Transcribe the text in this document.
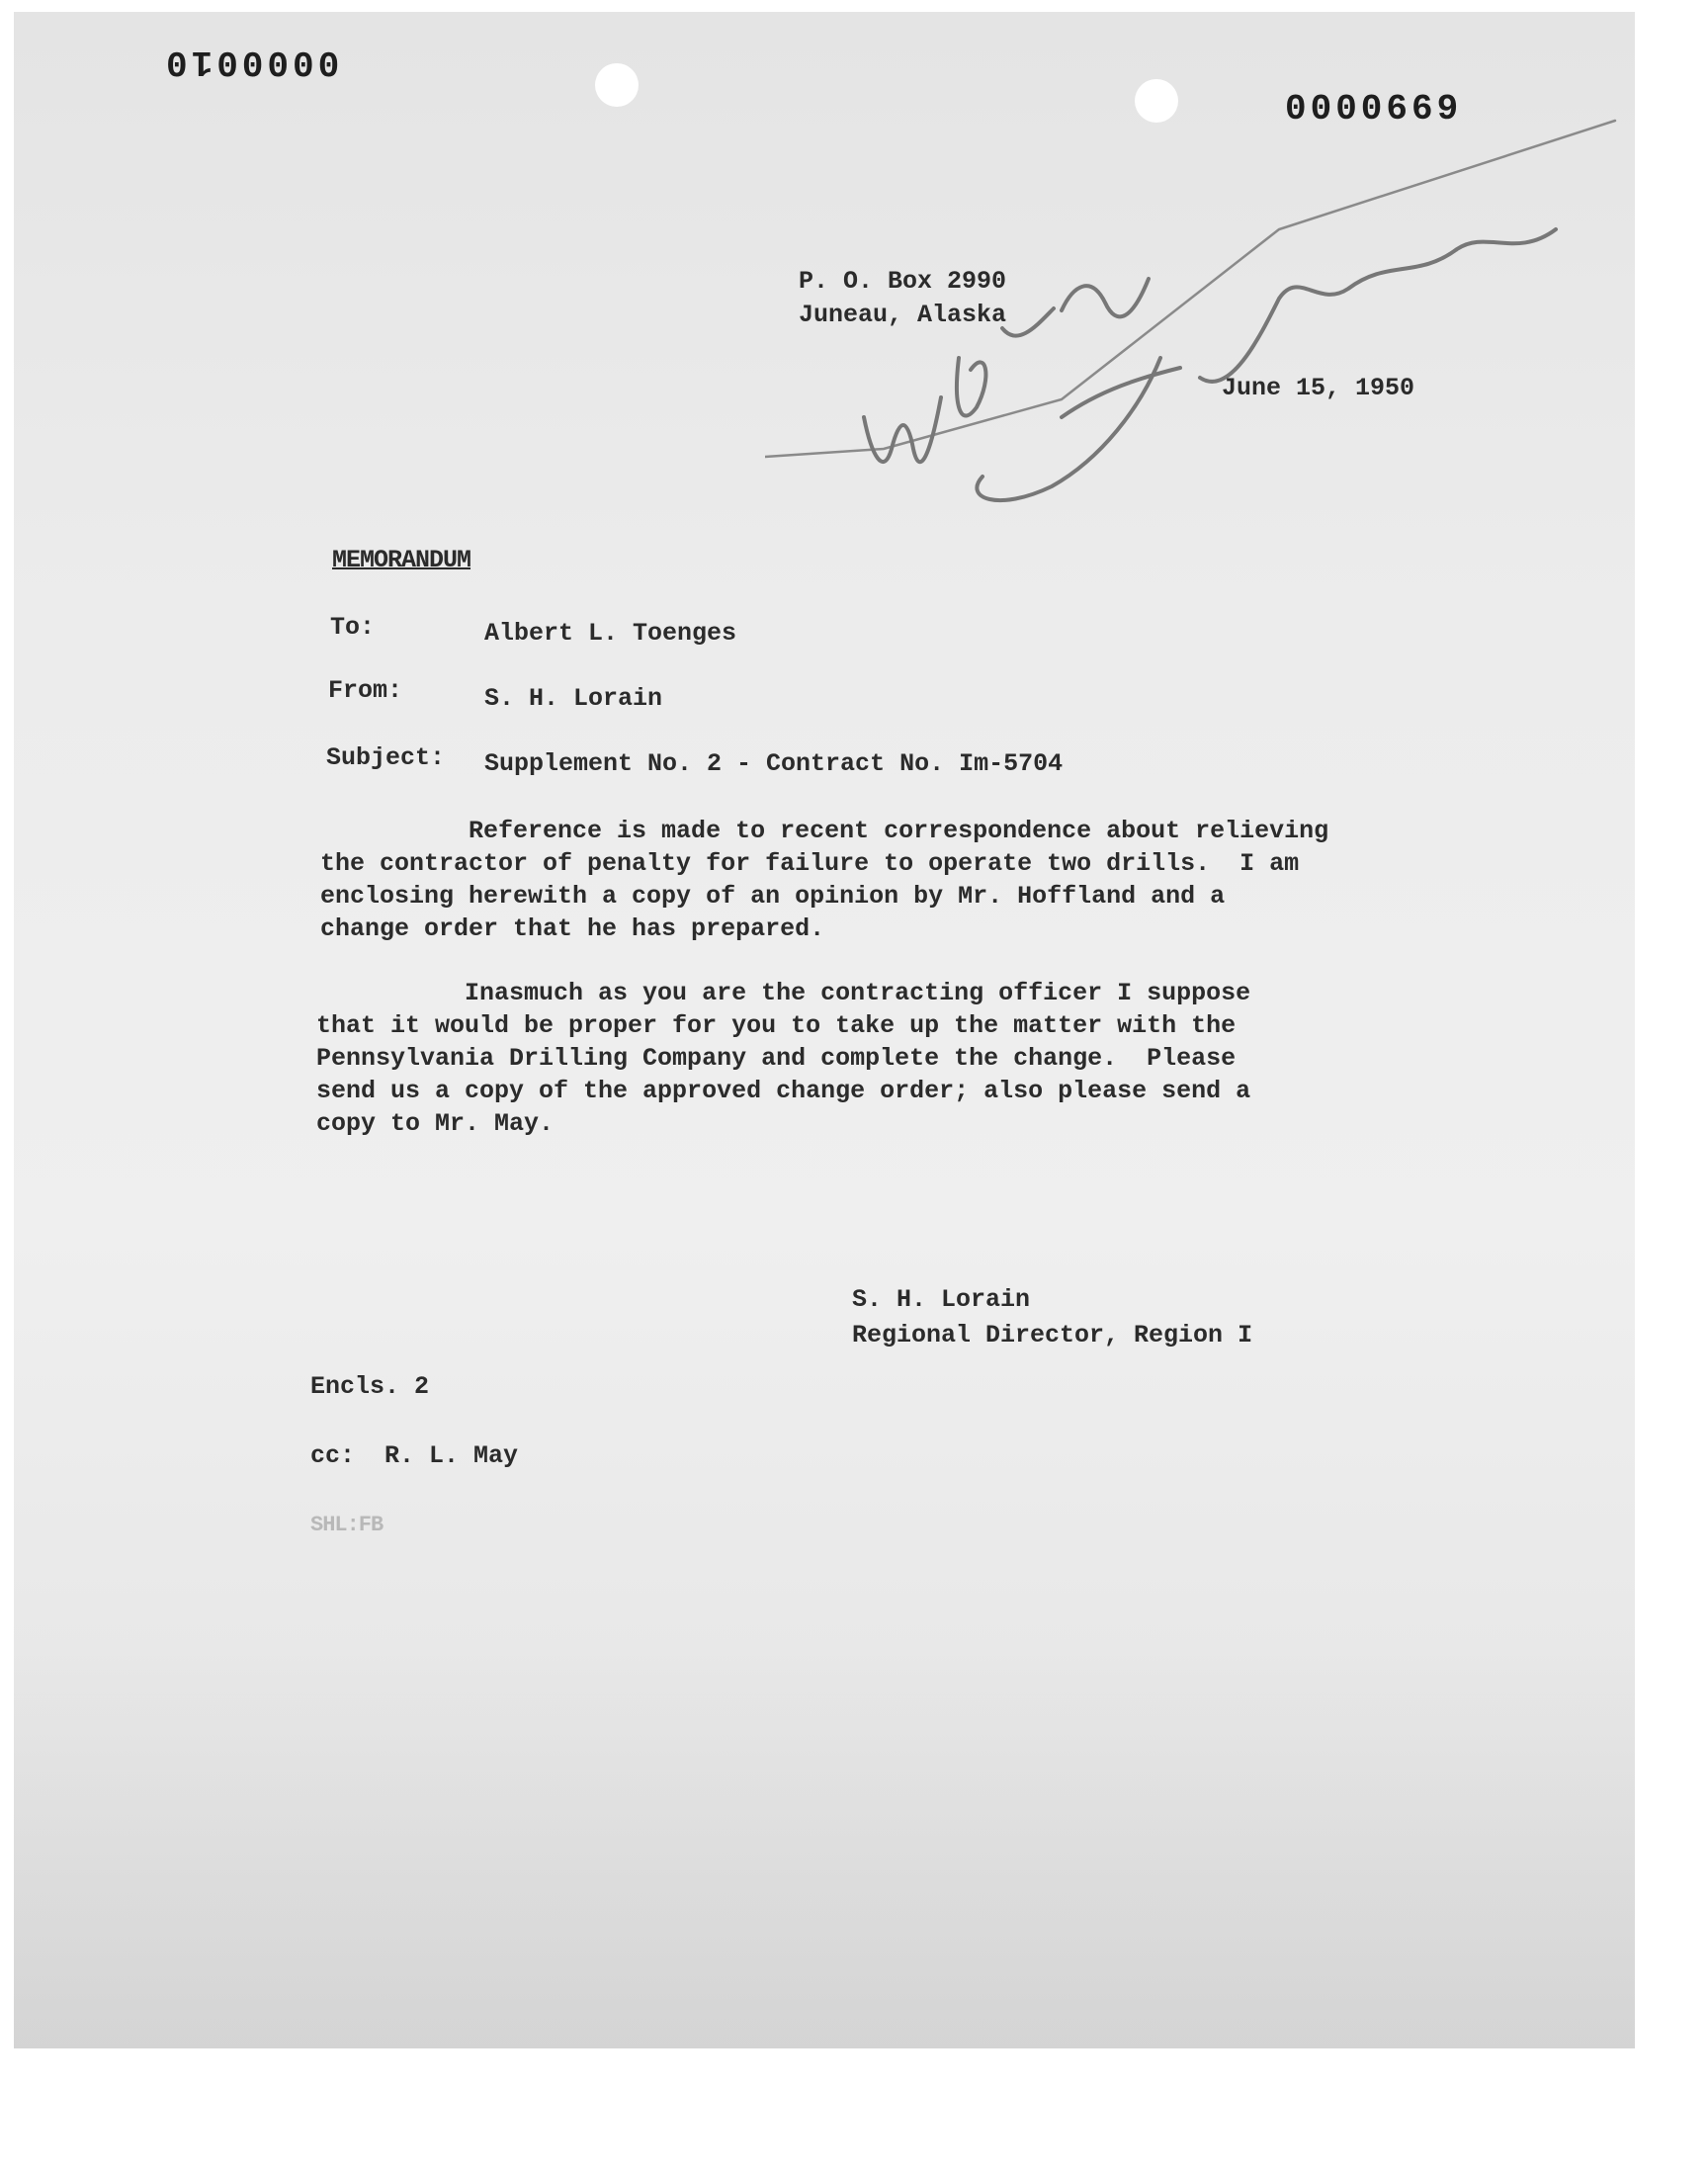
0000010
0000669
P. O. Box 2990
Juneau, Alaska
June 15, 1950
MEMORANDUM
To:	Albert L. Toenges
From:	S. H. Lorain
Subject: Supplement No. 2 - Contract No. Im-5704
Reference is made to recent correspondence about relieving
the contractor of penalty for failure to operate two drills.  I am
enclosing herewith a copy of an opinion by Mr. Hoffland and a
change order that he has prepared.
Inasmuch as you are the contracting officer I suppose
that it would be proper for you to take up the matter with the
Pennsylvania Drilling Company and complete the change.  Please
send us a copy of the approved change order; also please send a
copy to Mr. May.
S. H. Lorain
Regional Director, Region I
Encls. 2
cc:  R. L. May
SHL:FB
